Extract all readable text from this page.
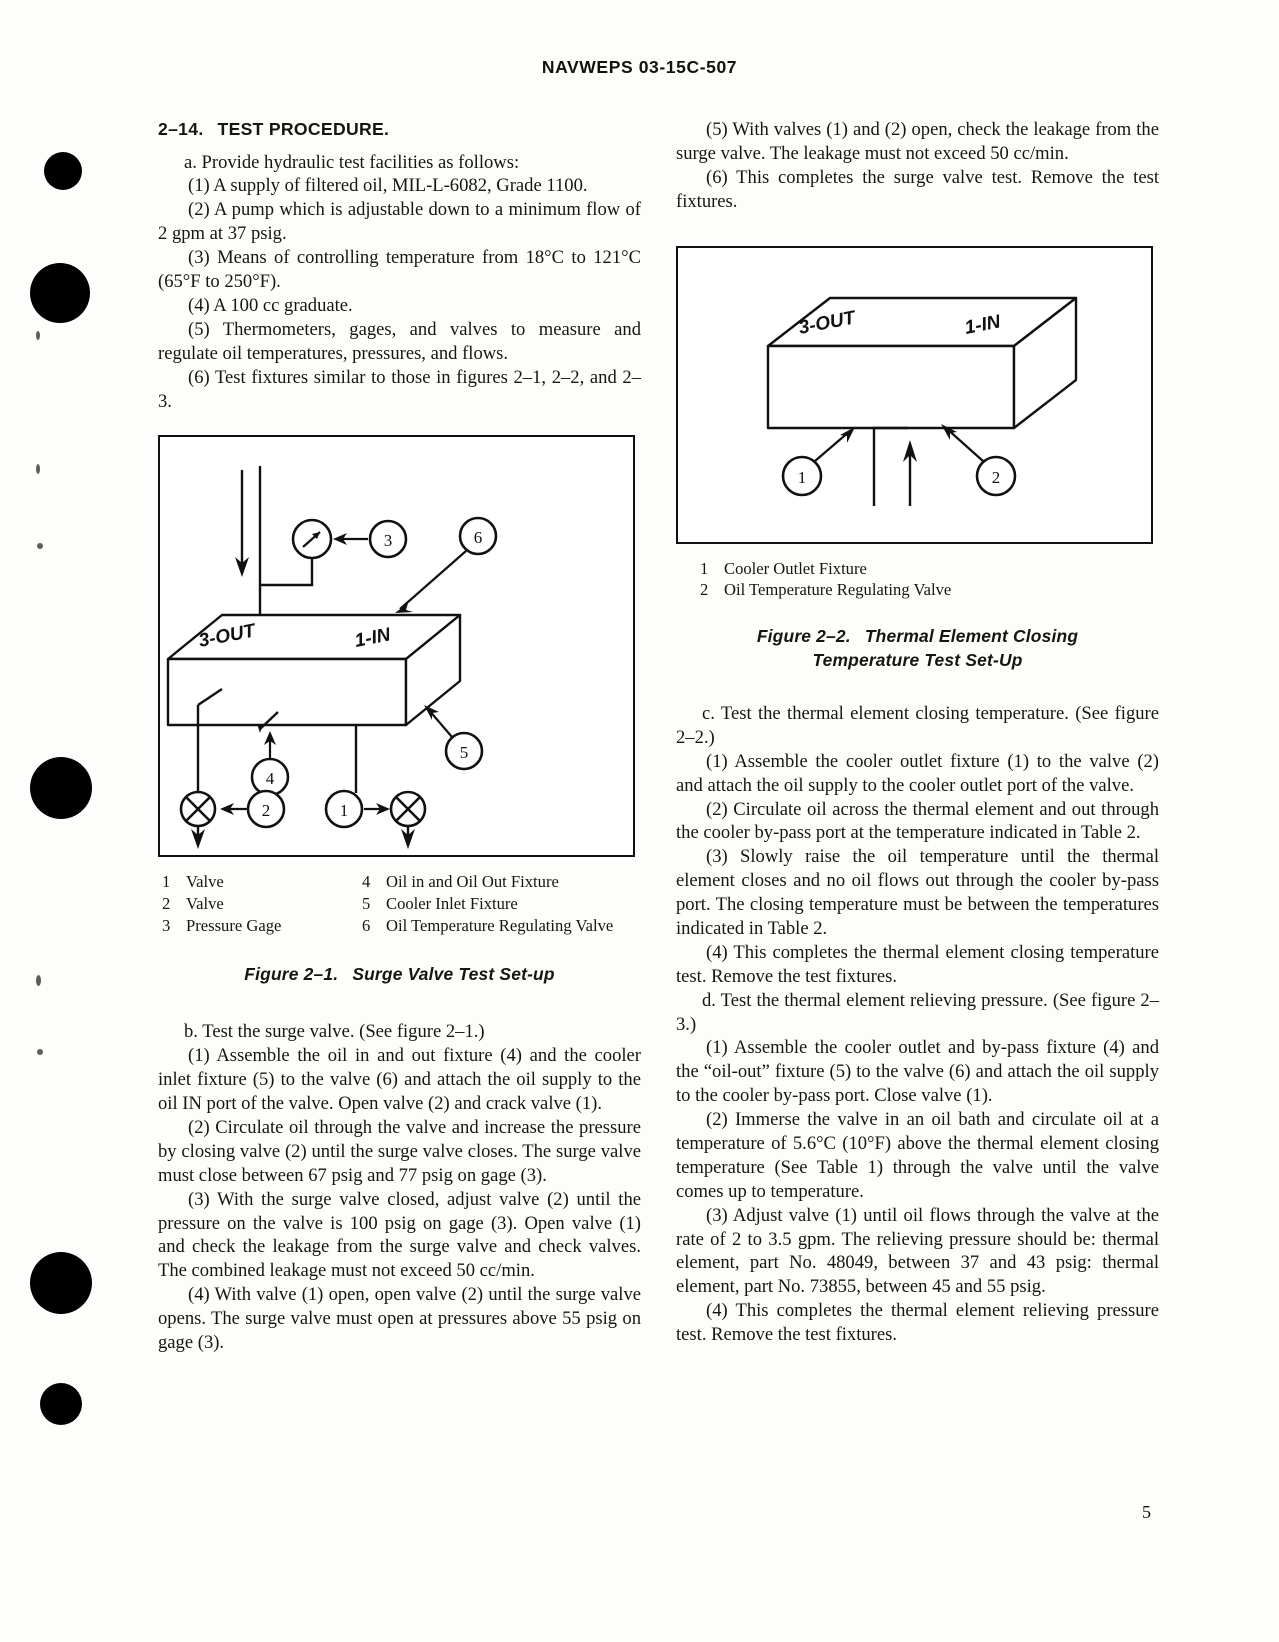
NAVWEPS 03-15C-507
2–14. TEST PROCEDURE.

a. Provide hydraulic test facilities as follows:

(1) A supply of filtered oil, MIL-L-6082, Grade 1100.

(2) A pump which is adjustable down to a minimum flow of 2 gpm at 37 psig.

(3) Means of controlling temperature from 18°C to 121°C (65°F to 250°F).

(4) A 100 cc graduate.

(5) Thermometers, gages, and valves to measure and regulate oil temperatures, pressures, and flows.

(6) Test fixtures similar to those in figures 2–1, 2–2, and 2–3.

3	6
3-OUT	1-IN
4
5
2	1
1 Valve	4 Oil in and Oil Out Fixture
2 Valve	5 Cooler Inlet Fixture
3 Pressure Gage	6 Oil Temperature Regulating Valve
Figure 2–1. Surge Valve Test Set-up

b. Test the surge valve. (See figure 2–1.)

(1) Assemble the oil in and out fixture (4) and the cooler inlet fixture (5) to the valve (6) and attach the oil supply to the oil IN port of the valve. Open valve (2) and crack valve (1).

(2) Circulate oil through the valve and increase the pressure by closing valve (2) until the surge valve closes. The surge valve must close between 67 psig and 77 psig on gage (3).

(3) With the surge valve closed, adjust valve (2) until the pressure on the valve is 100 psig on gage (3). Open valve (1) and check the leakage from the surge valve and check valves. The combined leakage must not exceed 50 cc/min.

(4) With valve (1) open, open valve (2) until the surge valve opens. The surge valve must open at pressures above 55 psig on gage (3).

(5) With valves (1) and (2) open, check the leakage from the surge valve. The leakage must not exceed 50 cc/min.

(6) This completes the surge valve test. Remove the test fixtures.

3-OUT	1-IN
1	2
1 Cooler Outlet Fixture
2 Oil Temperature Regulating Valve
Figure 2–2. Thermal Element Closing
Temperature Test Set-Up

c. Test the thermal element closing temperature. (See figure 2–2.)

(1) Assemble the cooler outlet fixture (1) to the valve (2) and attach the oil supply to the cooler outlet port of the valve.

(2) Circulate oil across the thermal element and out through the cooler by-pass port at the temperature indicated in Table 2.

(3) Slowly raise the oil temperature until the thermal element closes and no oil flows out through the cooler by-pass port. The closing temperature must be between the temperatures indicated in Table 2.

(4) This completes the thermal element closing temperature test. Remove the test fixtures.

d. Test the thermal element relieving pressure. (See figure 2–3.)

(1) Assemble the cooler outlet and by-pass fixture (4) and the “oil-out” fixture (5) to the valve (6) and attach the oil supply to the cooler by-pass port. Close valve (1).

(2) Immerse the valve in an oil bath and circulate oil at a temperature of 5.6°C (10°F) above the thermal element closing temperature (See Table 1) through the valve until the valve comes up to temperature.

(3) Adjust valve (1) until oil flows through the valve at the rate of 2 to 3.5 gpm. The relieving pressure should be: thermal element, part No. 48049, between 37 and 43 psig: thermal element, part No. 73855, between 45 and 55 psig.

(4) This completes the thermal element relieving pressure test. Remove the test fixtures.

5
